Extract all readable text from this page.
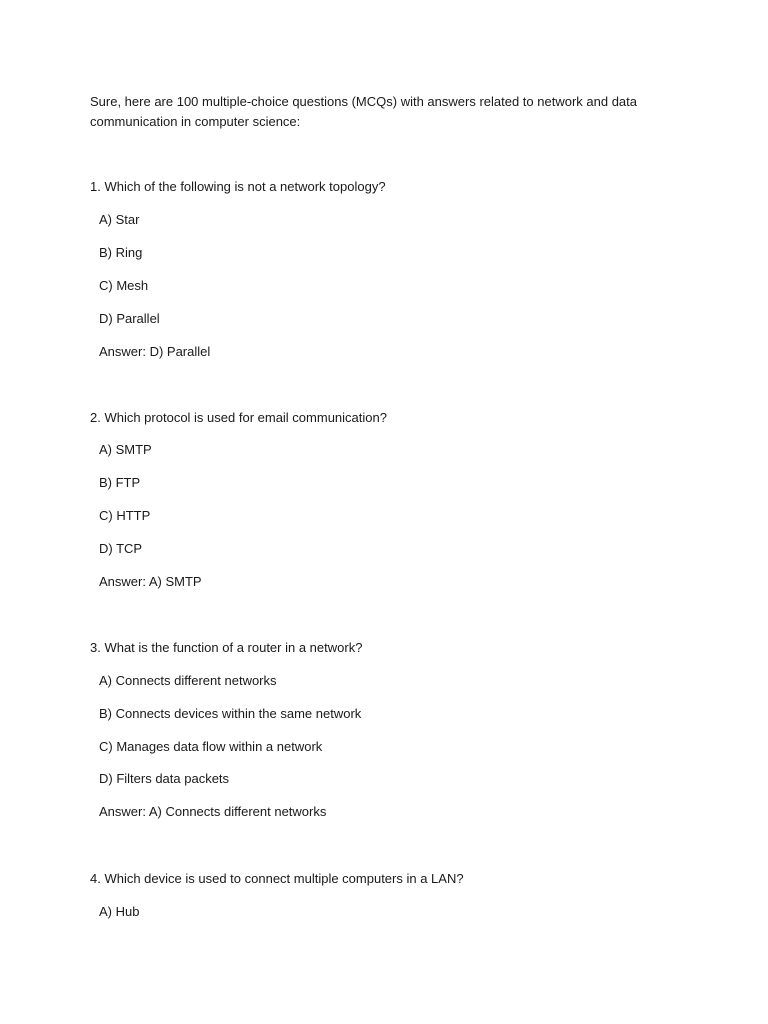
Sure, here are 100 multiple-choice questions (MCQs) with answers related to network and data communication in computer science:

1. Which of the following is not a network topology?

A) Star

B) Ring

C) Mesh

D) Parallel

Answer: D) Parallel

2. Which protocol is used for email communication?

A) SMTP

B) FTP

C) HTTP

D) TCP

Answer: A) SMTP

3. What is the function of a router in a network?

A) Connects different networks

B) Connects devices within the same network

C) Manages data flow within a network

D) Filters data packets

Answer: A) Connects different networks

4. Which device is used to connect multiple computers in a LAN?

A) Hub
